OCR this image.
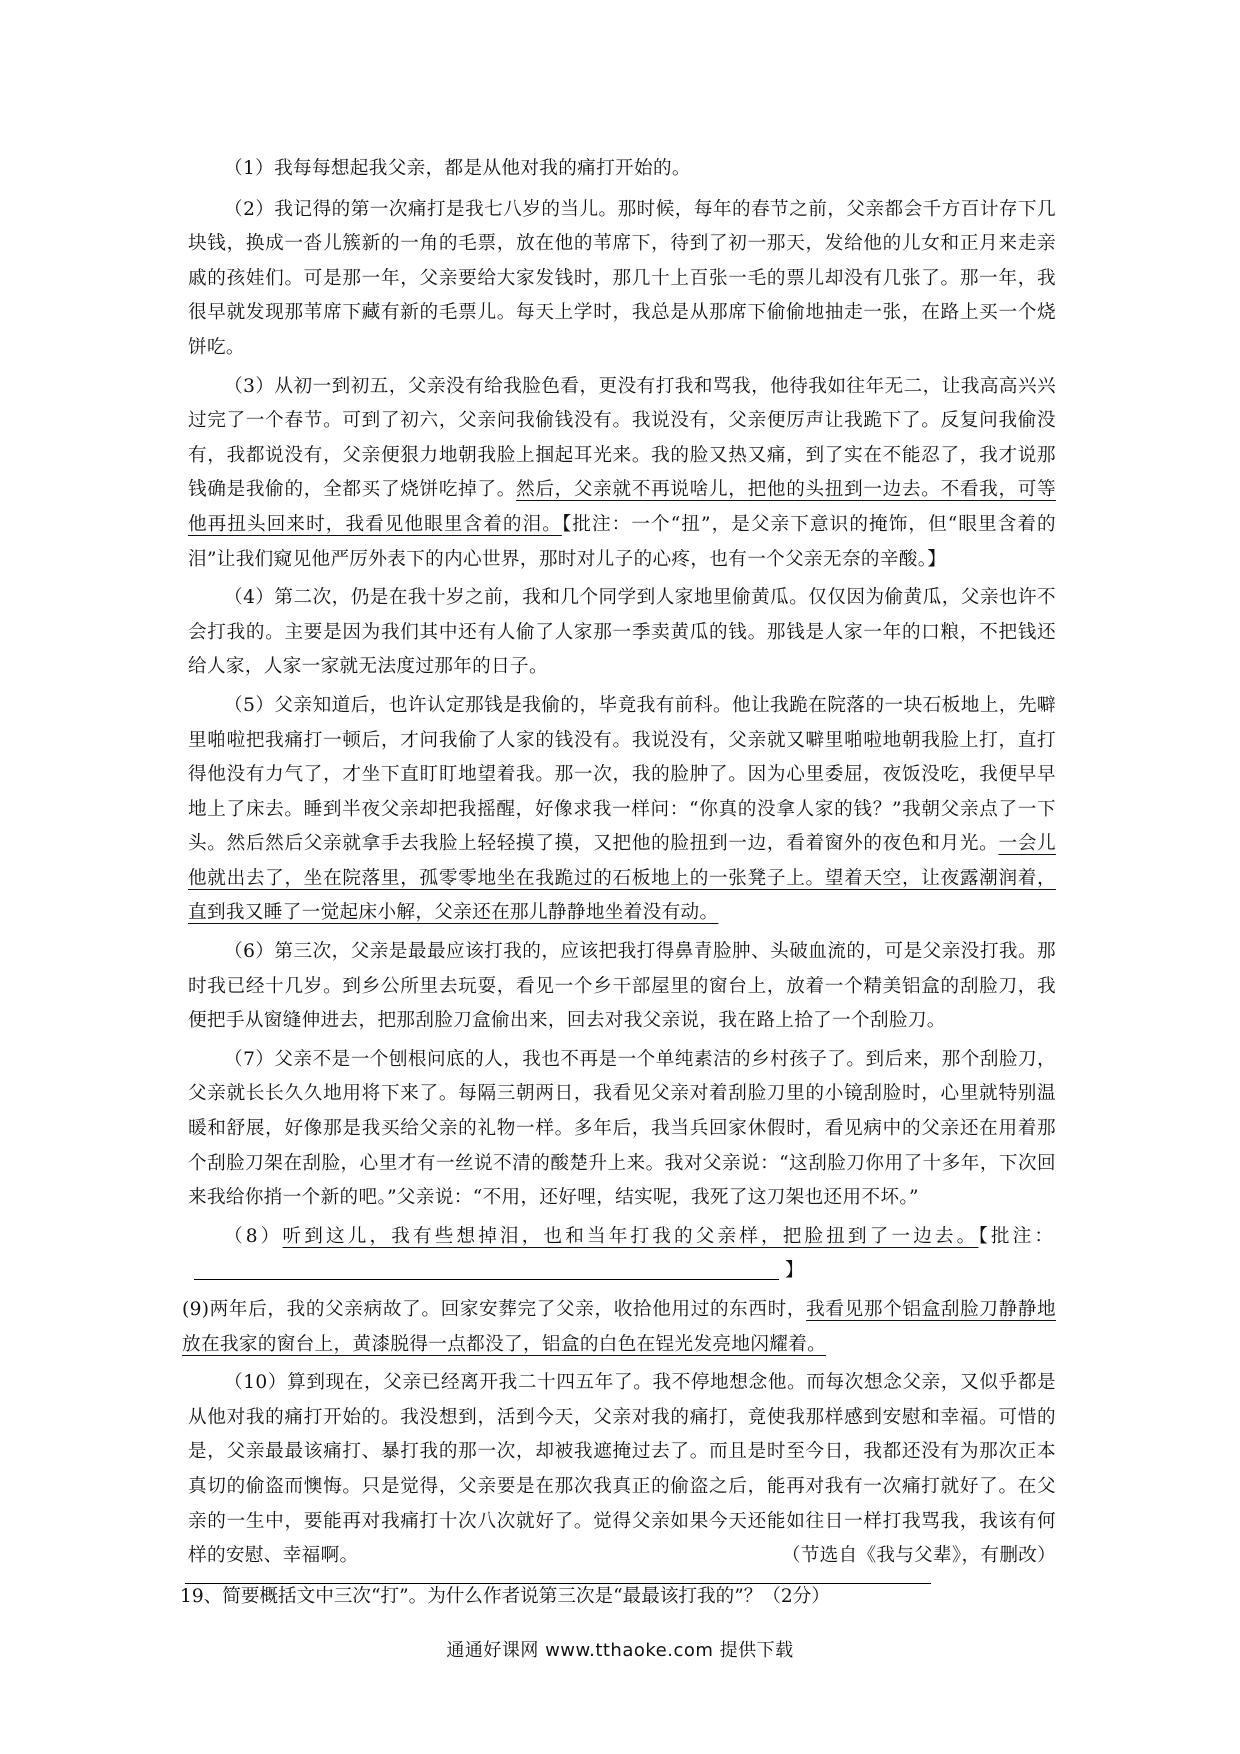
（1）我每每想起我父亲，都是从他对我的痛打开始的。

（2）我记得的第一次痛打是我七八岁的当儿。那时候，每年的春节之前，父亲都会千方百计存下几块钱，换成一沓儿簇新的一角的毛票，放在他的苇席下，待到了初一那天，发给他的儿女和正月来走亲戚的孩娃们。可是那一年，父亲要给大家发钱时，那几十上百张一毛的票儿却没有几张了。那一年，我很早就发现那苇席下藏有新的毛票儿。每天上学时，我总是从那席下偷偷地抽走一张，在路上买一个烧饼吃。

（3）从初一到初五，父亲没有给我脸色看，更没有打我和骂我，他待我如往年无二，让我高高兴兴过完了一个春节。可到了初六，父亲问我偷钱没有。我说没有，父亲便厉声让我跪下了。反复问我偷没有，我都说没有，父亲便狠力地朝我脸上掴起耳光来。我的脸又热又痛，到了实在不能忍了，我才说那钱确是我偷的，全都买了烧饼吃掉了。然后，父亲就不再说啥儿，把他的头扭到一边去。不看我，可等他再扭头回来时，我看见他眼里含着的泪。【批注：一个“扭”，是父亲下意识的掩饰，但“眼里含着的泪”让我们窥见他严厉外表下的内心世界，那时对儿子的心疼，也有一个父亲无奈的辛酸。】

（4）第二次，仍是在我十岁之前，我和几个同学到人家地里偷黄瓜。仅仅因为偷黄瓜，父亲也许不会打我的。主要是因为我们其中还有人偷了人家那一季卖黄瓜的钱。那钱是人家一年的口粮，不把钱还给人家，人家一家就无法度过那年的日子。

（5）父亲知道后，也许认定那钱是我偷的，毕竟我有前科。他让我跪在院落的一块石板地上，先噼里啪啦把我痛打一顿后，才问我偷了人家的钱没有。我说没有，父亲就又噼里啪啦地朝我脸上打，直打得他没有力气了，才坐下直盯盯地望着我。那一次，我的脸肿了。因为心里委屈，夜饭没吃，我便早早地上了床去。睡到半夜父亲却把我摇醒，好像求我一样问：“你真的没拿人家的钱？”我朝父亲点了一下头。然后然后父亲就拿手去我脸上轻轻摸了摸，又把他的脸扭到一边，看着窗外的夜色和月光。一会儿他就出去了，坐在院落里，孤零零地坐在我跪过的石板地上的一张凳子上。望着天空，让夜露潮润着，直到我又睡了一觉起床小解，父亲还在那儿静静地坐着没有动。

（6）第三次，父亲是最最应该打我的，应该把我打得鼻青脸肿、头破血流的，可是父亲没打我。那时我已经十几岁。到乡公所里去玩耍，看见一个乡干部屋里的窗台上，放着一个精美铝盒的刮脸刀，我便把手从窗缝伸进去，把那刮脸刀盒偷出来，回去对我父亲说，我在路上拾了一个刮脸刀。

（7）父亲不是一个刨根问底的人，我也不再是一个单纯素洁的乡村孩子了。到后来，那个刮脸刀，父亲就长长久久地用将下来了。每隔三朝两日，我看见父亲对着刮脸刀里的小镜刮脸时，心里就特别温暖和舒展，好像那是我买给父亲的礼物一样。多年后，我当兵回家休假时，看见病中的父亲还在用着那个刮脸刀架在刮脸，心里才有一丝说不清的酸楚升上来。我对父亲说：“这刮脸刀你用了十多年，下次回来我给你捎一个新的吧。”父亲说：“不用，还好哩，结实呢，我死了这刀架也还用不坏。”

（8）听到这儿，我有些想掉泪，也和当年打我的父亲样，把脸扭到了一边去。【批注：】

(9)两年后，我的父亲病故了。回家安葬完了父亲，收拾他用过的东西时，我看见那个铝盒刮脸刀静静地放在我家的窗台上，黄漆脱得一点都没了，铝盒的白色在锃光发亮地闪耀着。

（10）算到现在，父亲已经离开我二十四五年了。我不停地想念他。而每次想念父亲，又似乎都是从他对我的痛打开始的。我没想到，活到今天，父亲对我的痛打，竟使我那样感到安慰和幸福。可惜的是，父亲最最该痛打、暴打我的那一次，却被我遮掩过去了。而且是时至今日，我都还没有为那次正本真切的偷盗而懊悔。只是觉得，父亲要是在那次我真正的偷盗之后，能再对我有一次痛打就好了。在父亲的一生中，要能再对我痛打十次八次就好了。觉得父亲如果今天还能如往日一样打我骂我，我该有何样的安慰、幸福啊。	（节选自《我与父辈》，有删改）

19、简要概括文中三次“打”。为什么作者说第三次是“最最该打我的”？（2分）

通通好课网 www.tthaoke.com 提供下载
